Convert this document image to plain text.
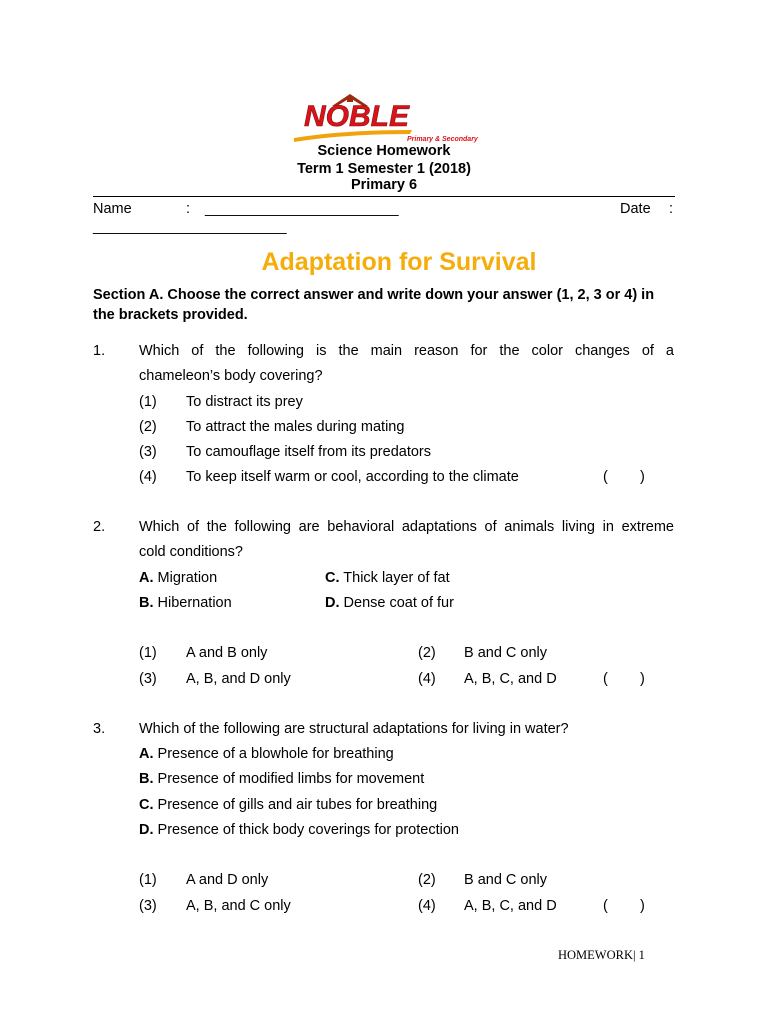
NOBLE
Primary & Secondary
Science Homework
Term 1 Semester 1 (2018)
Primary 6
Name	: ________________________	Date :
________________________
Adaptation for Survival
Section A. Choose the correct answer and write down your answer (1, 2, 3 or 4) in the brackets provided.
1. Which of the following is the main reason for the color changes of a
chameleon’s body covering?
(1) To distract its prey
(2) To attract the males during mating
(3) To camouflage itself from its predators
(4) To keep itself warm or cool, according to the climate	(        )
2. Which of the following are behavioral adaptations of animals living in extreme
cold conditions?
A. Migration	C. Thick layer of fat
B. Hibernation	D. Dense coat of fur
(1) A and B only	(2) B and C only
(3) A, B, and D only	(4) A, B, C, and D	(        )
3. Which of the following are structural adaptations for living in water?
A. Presence of a blowhole for breathing
B. Presence of modified limbs for movement
C. Presence of gills and air tubes for breathing
D. Presence of thick body coverings for protection
(1) A and D only	(2) B and C only
(3) A, B, and C only	(4) A, B, C, and D	(        )
HOMEWORK| 1
